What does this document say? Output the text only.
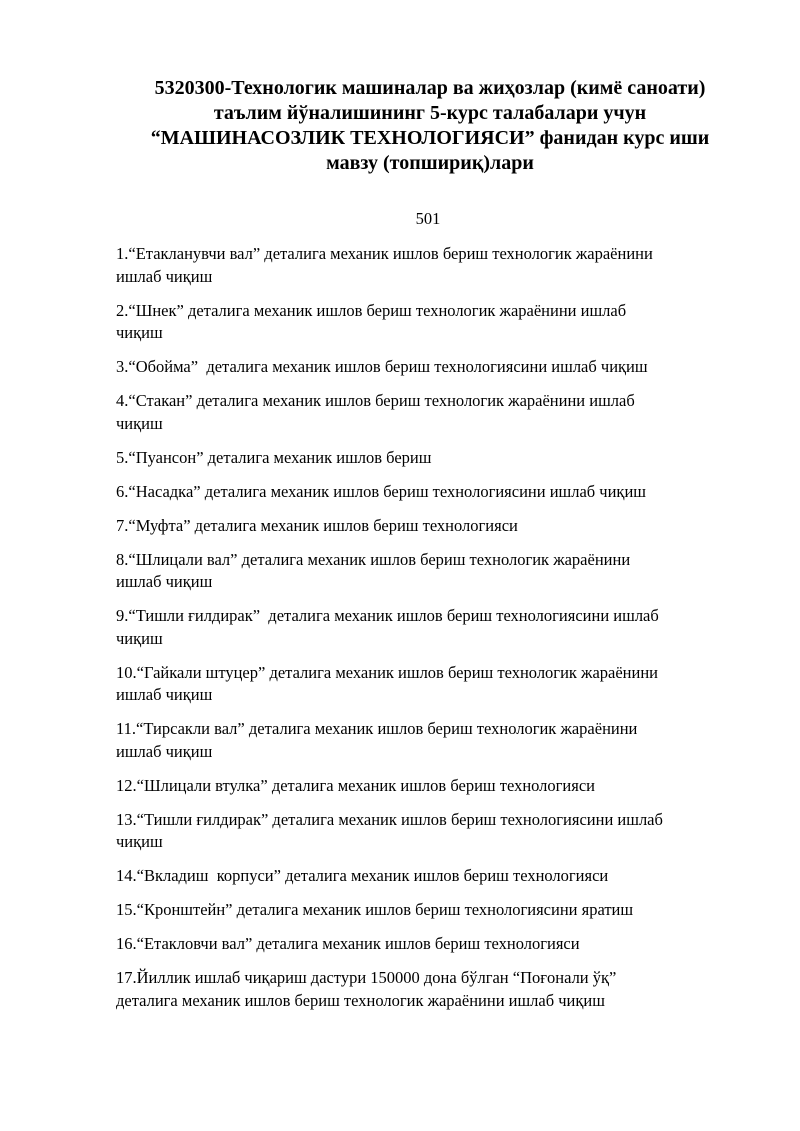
5320300-Технологик машиналар ва жиҳозлар (кимё саноати)
таълим йўналишининг 5-курс талабалари учун
“МАШИНАСОЗЛИК ТЕХНОЛОГИЯСИ” фанидан курс иши
мавзу (топшириқ)лари
501
1.“Етакланувчи вал” деталига механик ишлов бериш технологик жараёнини
ишлаб чиқиш
2.“Шнек” деталига механик ишлов бериш технологик жараёнини ишлаб
чиқиш
3.“Обойма”  деталига механик ишлов бериш технологиясини ишлаб чиқиш
4.“Стакан” деталига механик ишлов бериш технологик жараёнини ишлаб
чиқиш
5.“Пуансон” деталига механик ишлов бериш
6.“Насадка” деталига механик ишлов бериш технологиясини ишлаб чиқиш
7.“Муфта” деталига механик ишлов бериш технологияси
8.“Шлицали вал” деталига механик ишлов бериш технологик жараёнини
ишлаб чиқиш
9.“Тишли ғилдирак”  деталига механик ишлов бериш технологиясини ишлаб
чиқиш
10.“Гайкали штуцер” деталига механик ишлов бериш технологик жараёнини
ишлаб чиқиш
11.“Тирсакли вал” деталига механик ишлов бериш технологик жараёнини
ишлаб чиқиш
12.“Шлицали втулка” деталига механик ишлов бериш технологияси
13.“Тишли ғилдирак” деталига механик ишлов бериш технологиясини ишлаб
чиқиш
14.“Вкладиш  корпуси” деталига механик ишлов бериш технологияси
15.“Кронштейн” деталига механик ишлов бериш технологиясини яратиш
16.“Етакловчи вал” деталига механик ишлов бериш технологияси
17.Йиллик ишлаб чиқариш дастури 150000 дона бўлган “Поғонали ўқ”
деталига механик ишлов бериш технологик жараёнини ишлаб чиқиш
